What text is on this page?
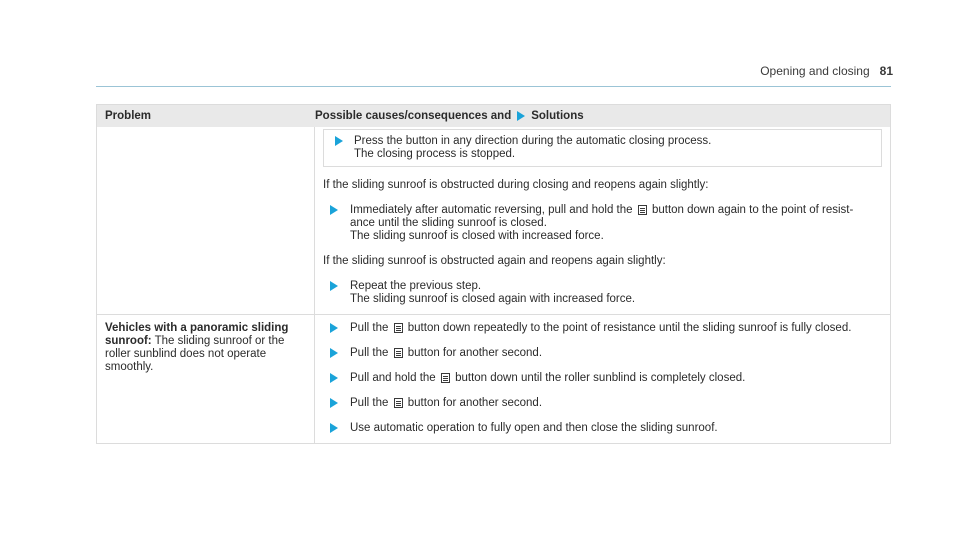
Opening and closing 81
Problem	Possible causes/consequences and Solutions
Press the button in any direction during the automatic closing process.
The closing process is stopped.

If the sliding sunroof is obstructed during closing and reopens again slightly:

Immediately after automatic reversing, pull and hold the button down again to the point of resist-
ance until the sliding sunroof is closed.
The sliding sunroof is closed with increased force.

If the sliding sunroof is obstructed again and reopens again slightly:

Repeat the previous step.
The sliding sunroof is closed again with increased force.
Vehicles with a panoramic sliding
sunroof: The sliding sunroof or the
roller sunblind does not operate
smoothly.
Pull the button down repeatedly to the point of resistance until the sliding sunroof is fully closed.
Pull the button for another second.
Pull and hold the button down until the roller sunblind is completely closed.
Pull the button for another second.
Use automatic operation to fully open and then close the sliding sunroof.
